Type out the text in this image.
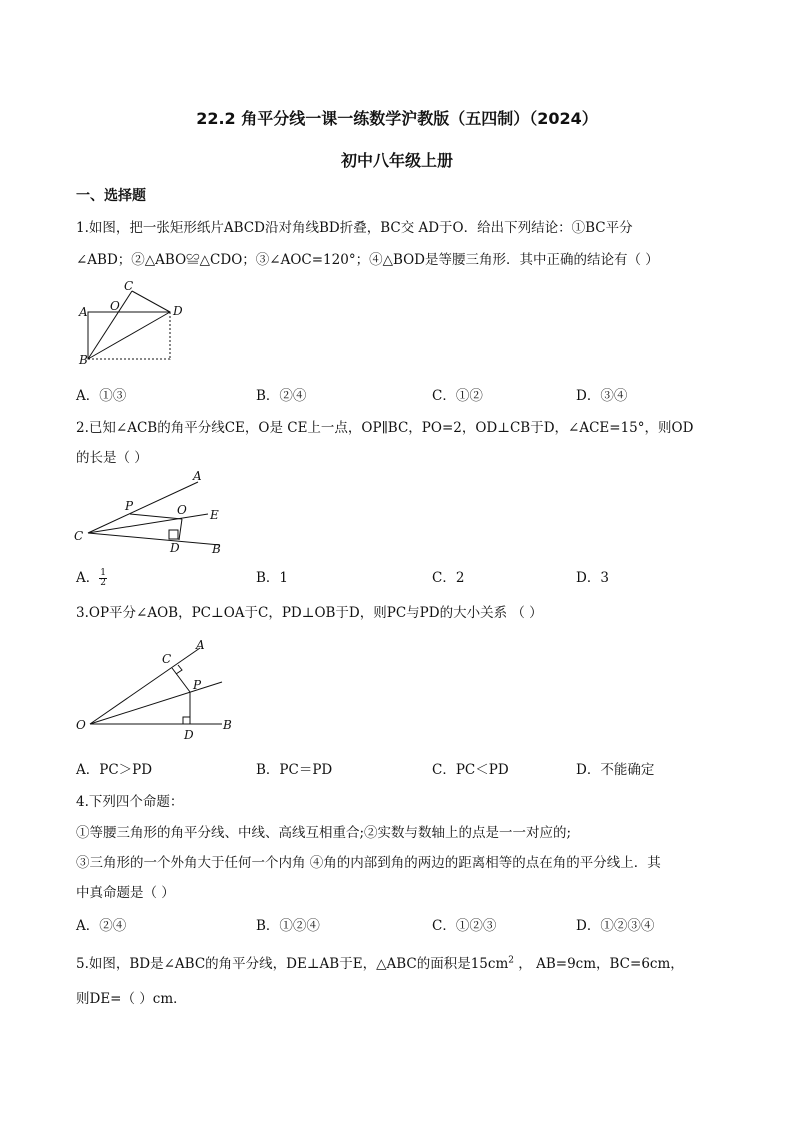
22.2 角平分线一课一练数学沪教版（五四制）（2024）
初中八年级上册
一、选择题
1.如图，把一张矩形纸片ABCD沿对角线BD折叠，BC交 AD于O．给出下列结论：①BC平分
∠ABD；②△ABO≌△CDO；③∠AOC=120°；④△BOD是等腰三角形．其中正确的结论有（ ）
C
O
A	D
B
A．①③	B．②④	C．①②	D．③④
2.已知∠ACB的角平分线CE，O是 CE上一点，OP∥BC，PO=2，OD⊥CB于D，∠ACE=15°，则OD
的长是（ ）
A
P	O E
C
D	B
A． $\frac{1}{2}$	B．1	C．2	D．3
3.OP平分∠AOB，PC⊥OA于C，PD⊥OB于D，则PC与PD的大小关系 （ ）
A
C
P
O
D
B
A．PC＞PD	B．PC＝PD	C．PC＜PD	D．不能确定
4.下列四个命题：
①等腰三角形的角平分线、中线、高线互相重合;②实数与数轴上的点是一一对应的;
③三角形的一个外角大于任何一个内角 ④角的内部到角的两边的距离相等的点在角的平分线上．其
中真命题是（ ）
A．②④	B．①②④	C．①②③	D．①②③④
5.如图，BD是∠ABC的角平分线，DE⊥AB于E，△ABC的面积是$15cm^2$ ， AB=9cm，BC=6cm，
则DE=（ ）cm．
